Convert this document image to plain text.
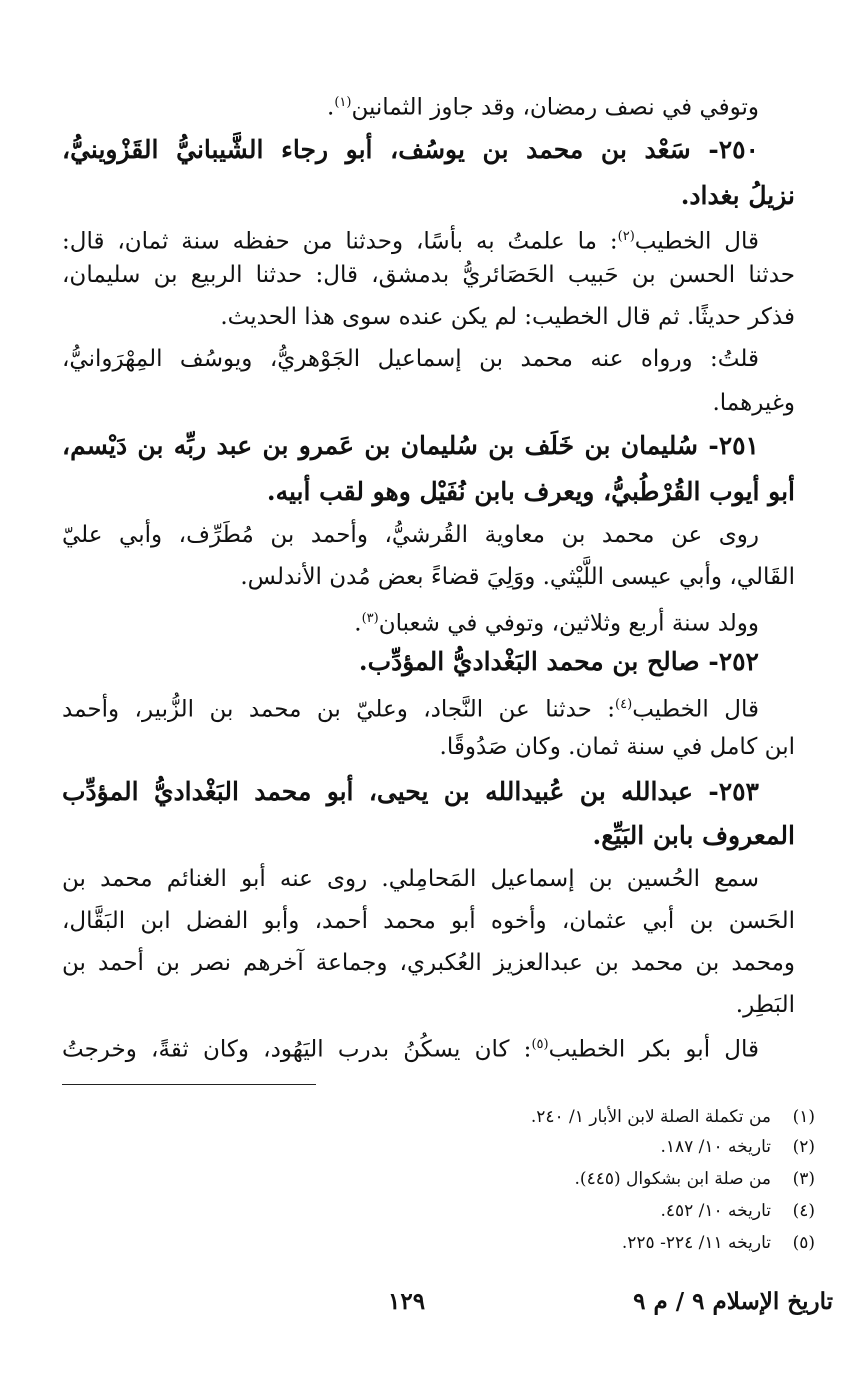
وتوفي في نصف رمضان، وقد جاوز الثمانين$^{(١)}$.
٢٥٠- سَعْد بن محمد بن يوسُف، أبو رجاء الشَّيبانيُّ القَزْوينيُّ،
نزيلُ بغداد.
قال الخطيب$^{(٢)}$: ما علمتُ به بأسًا، وحدثنا من حفظه سنة ثمان، قال:
حدثنا الحسن بن حَبيب الحَصَائريُّ بدمشق، قال: حدثنا الربيع بن سليمان،
فذكر حديثًا. ثم قال الخطيب: لم يكن عنده سوى هذا الحديث.
قلتُ: ورواه عنه محمد بن إسماعيل الجَوْهريُّ، ويوسُف المِهْرَوانيُّ،
وغيرهما.
٢٥١- سُليمان بن خَلَف بن سُليمان بن عَمرو بن عبد ربِّه بن دَيْسم،
أبو أيوب القُرْطُبيُّ، ويعرف بابن نُفَيْل وهو لقب أبيه.
روى عن محمد بن معاوية القُرشيُّ، وأحمد بن مُطَرِّف، وأبي عليّ
القَالي، وأبي عيسى اللَّيْثي. ووَلِيَ قضاءً بعض مُدن الأندلس.
وولد سنة أربع وثلاثين، وتوفي في شعبان$^{(٣)}$.
٢٥٢- صالح بن محمد البَغْداديُّ المؤدِّب.
قال الخطيب$^{(٤)}$: حدثنا عن النَّجاد، وعليّ بن محمد بن الزُّبير، وأحمد
ابن كامل في سنة ثمان. وكان صَدُوقًا.
٢٥٣- عبدالله بن عُبيدالله بن يحيى، أبو محمد البَغْداديُّ المؤدِّب
المعروف بابن البَيِّع.
سمع الحُسين بن إسماعيل المَحامِلي. روى عنه أبو الغنائم محمد بن
الحَسن بن أبي عثمان، وأخوه أبو محمد أحمد، وأبو الفضل ابن البَقَّال،
ومحمد بن محمد بن عبدالعزيز العُكبري، وجماعة آخرهم نصر بن أحمد بن
البَطِر.
قال أبو بكر الخطيب$^{(٥)}$: كان يسكُنُ بدرب اليَهُود، وكان ثقةً، وخرجتُ
(١)من تكملة الصلة لابن الأبار ١/ ٢٤٠.
(٢)تاريخه ١٠/ ١٨٧.
(٣)من صلة ابن بشكوال (٤٤٥).
(٤)تاريخه ١٠/ ٤٥٢.
(٥)تاريخه ١١/ ٢٢٤- ٢٢٥.
تاريخ الإسلام ٩ / م ٩
١٢٩
